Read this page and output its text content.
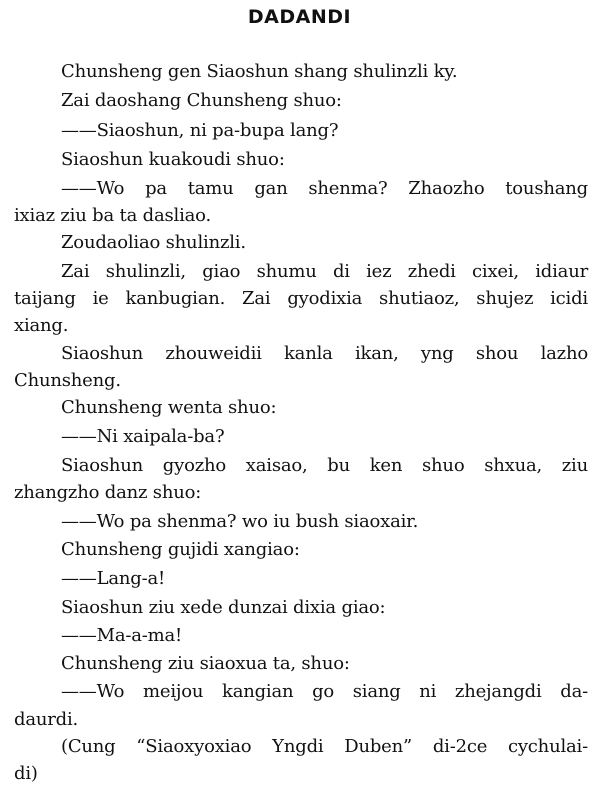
DADANDI
Chunsheng gen Siaoshun shang shulinzli ky.
Zai daoshang Chunsheng shuo:
——Siaoshun, ni pa-bupa lang?
Siaoshun kuakoudi shuo:
——Wo pa tamu gan shenma? Zhaozho toushang
ixiaz ziu ba ta dasliao.
Zoudaoliao shulinzli.
Zai shulinzli, giao shumu di iez zhedi cixei, idiaur
taijang ie kanbugian. Zai gyodixia shutiaoz, shujez icidi
xiang.
Siaoshun zhouweidii kanla ikan, yng shou lazho
Chunsheng.
Chunsheng wenta shuo:
——Ni xaipala-ba?
Siaoshun gyozho xaisao, bu ken shuo shxua, ziu
zhangzho danz shuo:
——Wo pa shenma? wo iu bush siaoxair.
Chunsheng gujidi xangiao:
——Lang-a!
Siaoshun ziu xede dunzai dixia giao:
——Ma-a-ma!
Chunsheng ziu siaoxua ta, shuo:
——Wo meijou kangian go siang ni zhejangdi da-
daurdi.
(Cung “Siaoxyoxiao Yngdi Duben” di-2ce cychulai-
di)
